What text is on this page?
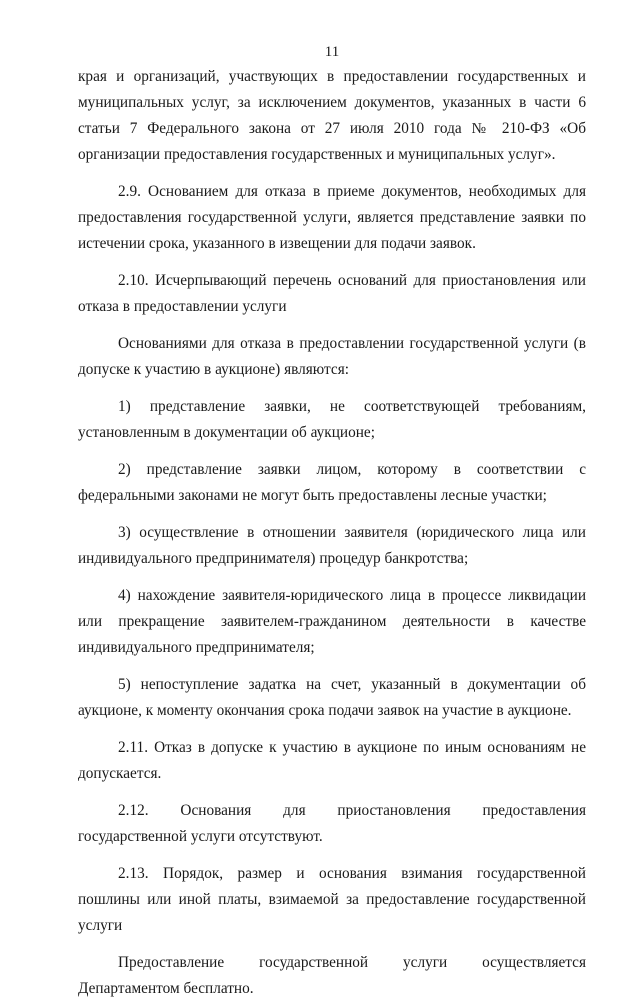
11

края и организаций, участвующих в предоставлении государственных и муниципальных услуг, за исключением документов, указанных в части 6 статьи 7 Федерального закона от 27 июля 2010 года № 210-ФЗ «Об организации предоставления государственных и муниципальных услуг».

2.9. Основанием для отказа в приеме документов, необходимых для предоставления государственной услуги, является представление заявки по истечении срока, указанного в извещении для подачи заявок.

2.10. Исчерпывающий перечень оснований для приостановления или отказа в предоставлении услуги

Основаниями для отказа в предоставлении государственной услуги (в допуске к участию в аукционе) являются:

1) представление заявки, не соответствующей требованиям, установленным в документации об аукционе;

2) представление заявки лицом, которому в соответствии с федеральными законами не могут быть предоставлены лесные участки;

3) осуществление в отношении заявителя (юридического лица или индивидуального предпринимателя) процедур банкротства;

4) нахождение заявителя-юридического лица в процессе ликвидации или прекращение заявителем-гражданином деятельности в качестве индивидуального предпринимателя;

5) непоступление задатка на счет, указанный в документации об аукционе, к моменту окончания срока подачи заявок на участие в аукционе.

2.11. Отказ в допуске к участию в аукционе по иным основаниям не допускается.

2.12. Основания для приостановления предоставления государственной услуги отсутствуют.

2.13. Порядок, размер и основания взимания государственной пошлины или иной платы, взимаемой за предоставление государственной услуги

Предоставление государственной услуги осуществляется Департаментом бесплатно.
